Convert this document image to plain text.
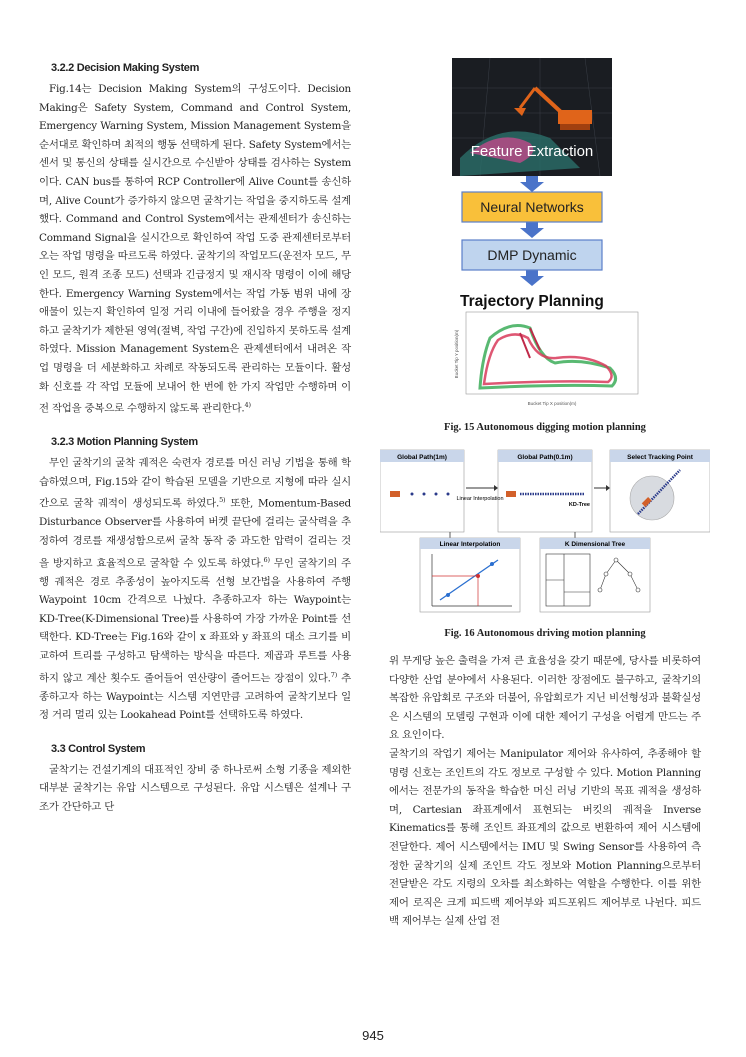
3.2.2 Decision Making System

Fig.14는 Decision Making System의 구성도이다. Decision Making은 Safety System, Command and Control System, Emergency Warning System, Mission Management System을 순서대로 확인하며 최적의 행동 선택하게 된다. Safety System에서는 센서 및 통신의 상태를 실시간으로 수신받아 상태를 검사하는 System이다. CAN bus를 통하여 RCP Controller에 Alive Count를 송신하며, Alive Count가 증가하지 않으면 굴착기는 작업을 중지하도록 설계했다. Command and Control System에서는 관제센터가 송신하는 Command Signal을 실시간으로 확인하여 작업 도중 관제센터로부터 오는 작업 명령을 따르도록 하였다. 굴착기의 작업모드(운전자 모드, 무인 모드, 원격 조종 모드) 선택과 긴급정지 및 재시작 명령이 이에 해당한다. Emergency Warning System에서는 작업 가동 범위 내에 장애물이 있는지 확인하여 일정 거리 이내에 들어왔을 경우 주행을 정지하고 굴착기가 제한된 영역(절벽, 작업 구간)에 진입하지 못하도록 설계하였다. Mission Management System은 관제센터에서 내려온 작업 명령을 더 세분화하고 차례로 작동되도록 관리하는 모듈이다. 활성화 신호를 각 작업 모듈에 보내어 한 번에 한 가지 작업만 수행하며 이전 작업을 중복으로 수행하지 않도록 관리한다.$^{4)}$

3.2.3 Motion Planning System

무인 굴착기의 굴착 궤적은 숙련자 경로를 머신 러닝 기법을 통해 학습하였으며, Fig.15와 같이 학습된 모델을 기반으로 지형에 따라 실시간으로 굴착 궤적이 생성되도록 하였다.$^{5)}$ 또한, Momentum-Based Disturbance Observer를 사용하여 버켓 끝단에 걸리는 굴삭력을 추정하여 경로를 재생성함으로써 굴착 동작 중 과도한 압력이 걸리는 것을 방지하고 효율적으로 굴착할 수 있도록 하였다.$^{6)}$ 무인 굴착기의 주행 궤적은 경로 추종성이 높아지도록 선형 보간법을 사용하여 주행 Waypoint 10cm 간격으로 나눴다. 추종하고자 하는 Waypoint는 KD-Tree(K-Dimensional Tree)를 사용하여 가장 가까운 Point를 선택한다. KD-Tree는 Fig.16와 같이 x 좌표와 y 좌표의 대소 크기를 비교하여 트리를 구성하고 탐색하는 방식을 따른다. 제곱과 루트를 사용하지 않고 계산 횟수도 줄어들어 연산량이 줄어드는 장점이 있다.$^{7)}$ 추종하고자 하는 Waypoint는 시스템 지연만큼 고려하여 굴착기보다 일정 거리 멀리 있는 Lookahead Point를 선택하도록 하였다.

3.3 Control System

굴착기는 건설기계의 대표적인 장비 중 하나로써 소형 기종을 제외한 대부분 굴착기는 유압 시스템으로 구성된다. 유압 시스템은 설계나 구조가 간단하고 단

Feature Extraction
Neural Networks
DMP Dynamic
Trajectory Planning
Bucket Tip Y position(m)
Bucket Tip X position(m)
Fig. 15 Autonomous digging motion planning
Global Path(1m)	Global Path(0.1m)	Select Tracking Point
Linear Interpolation
KD-Tree
Linear Interpolation	K Dimensional Tree
Fig. 16 Autonomous driving motion planning

위 무게당 높은 출력을 가져 큰 효율성을 갖기 때문에, 당사를 비롯하여 다양한 산업 분야에서 사용된다. 이러한 장점에도 불구하고, 굴착기의 복잡한 유압회로 구조와 더불어, 유압회로가 지닌 비선형성과 불확실성은 시스템의 모델링 구현과 이에 대한 제어기 구성을 어렵게 만드는 주요 요인이다.

굴착기의 작업기 제어는 Manipulator 제어와 유사하여, 추종해야 할 명령 신호는 조인트의 각도 정보로 구성할 수 있다. Motion Planning에서는 전문가의 동작을 학습한 머신 러닝 기반의 목표 궤적을 생성하며, Cartesian 좌표계에서 표현되는 버킷의 궤적을 Inverse Kinematics를 통해 조인트 좌표계의 값으로 변환하여 제어 시스템에 전달한다. 제어 시스템에서는 IMU 및 Swing Sensor를 사용하여 측정한 굴착기의 실제 조인트 각도 정보와 Motion Planning으로부터 전달받은 각도 지령의 오차를 최소화하는 역할을 수행한다. 이를 위한 제어 로직은 크게 피드백 제어부와 피드포워드 제어부로 나뉜다. 피드백 제어부는 실제 산업 전

945
